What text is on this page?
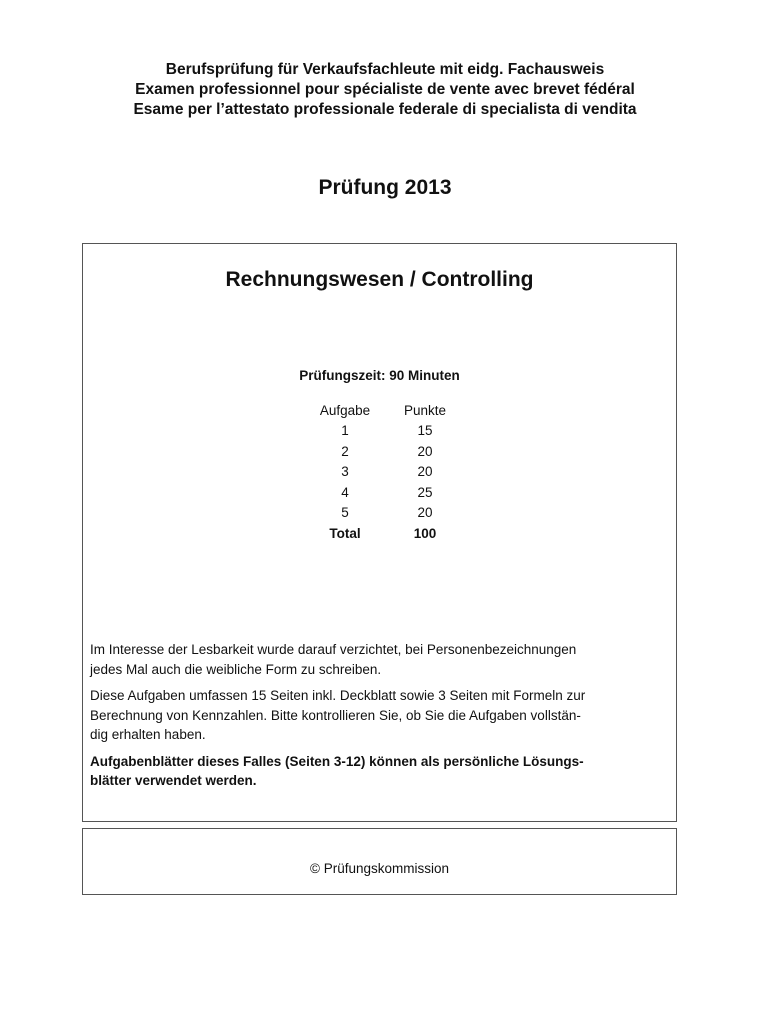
Berufsprüfung für Verkaufsfachleute mit eidg. Fachausweis
Examen professionnel pour spécialiste de vente avec brevet fédéral
Esame per l’attestato professionale federale di specialista di vendita
Prüfung 2013
Rechnungswesen / Controlling
Prüfungszeit: 90 Minuten
Aufgabe	Punkte
1	15
2	20
3	20
4	25
5	20
Total	100

Im Interesse der Lesbarkeit wurde darauf verzichtet, bei Personenbezeichnungen
jedes Mal auch die weibliche Form zu schreiben.

Diese Aufgaben umfassen 15 Seiten inkl. Deckblatt sowie 3 Seiten mit Formeln zur
Berechnung von Kennzahlen. Bitte kontrollieren Sie, ob Sie die Aufgaben vollstän-
dig erhalten haben.

Aufgabenblätter dieses Falles (Seiten 3-12) können als persönliche Lösungs-
blätter verwendet werden.

© Prüfungskommission
